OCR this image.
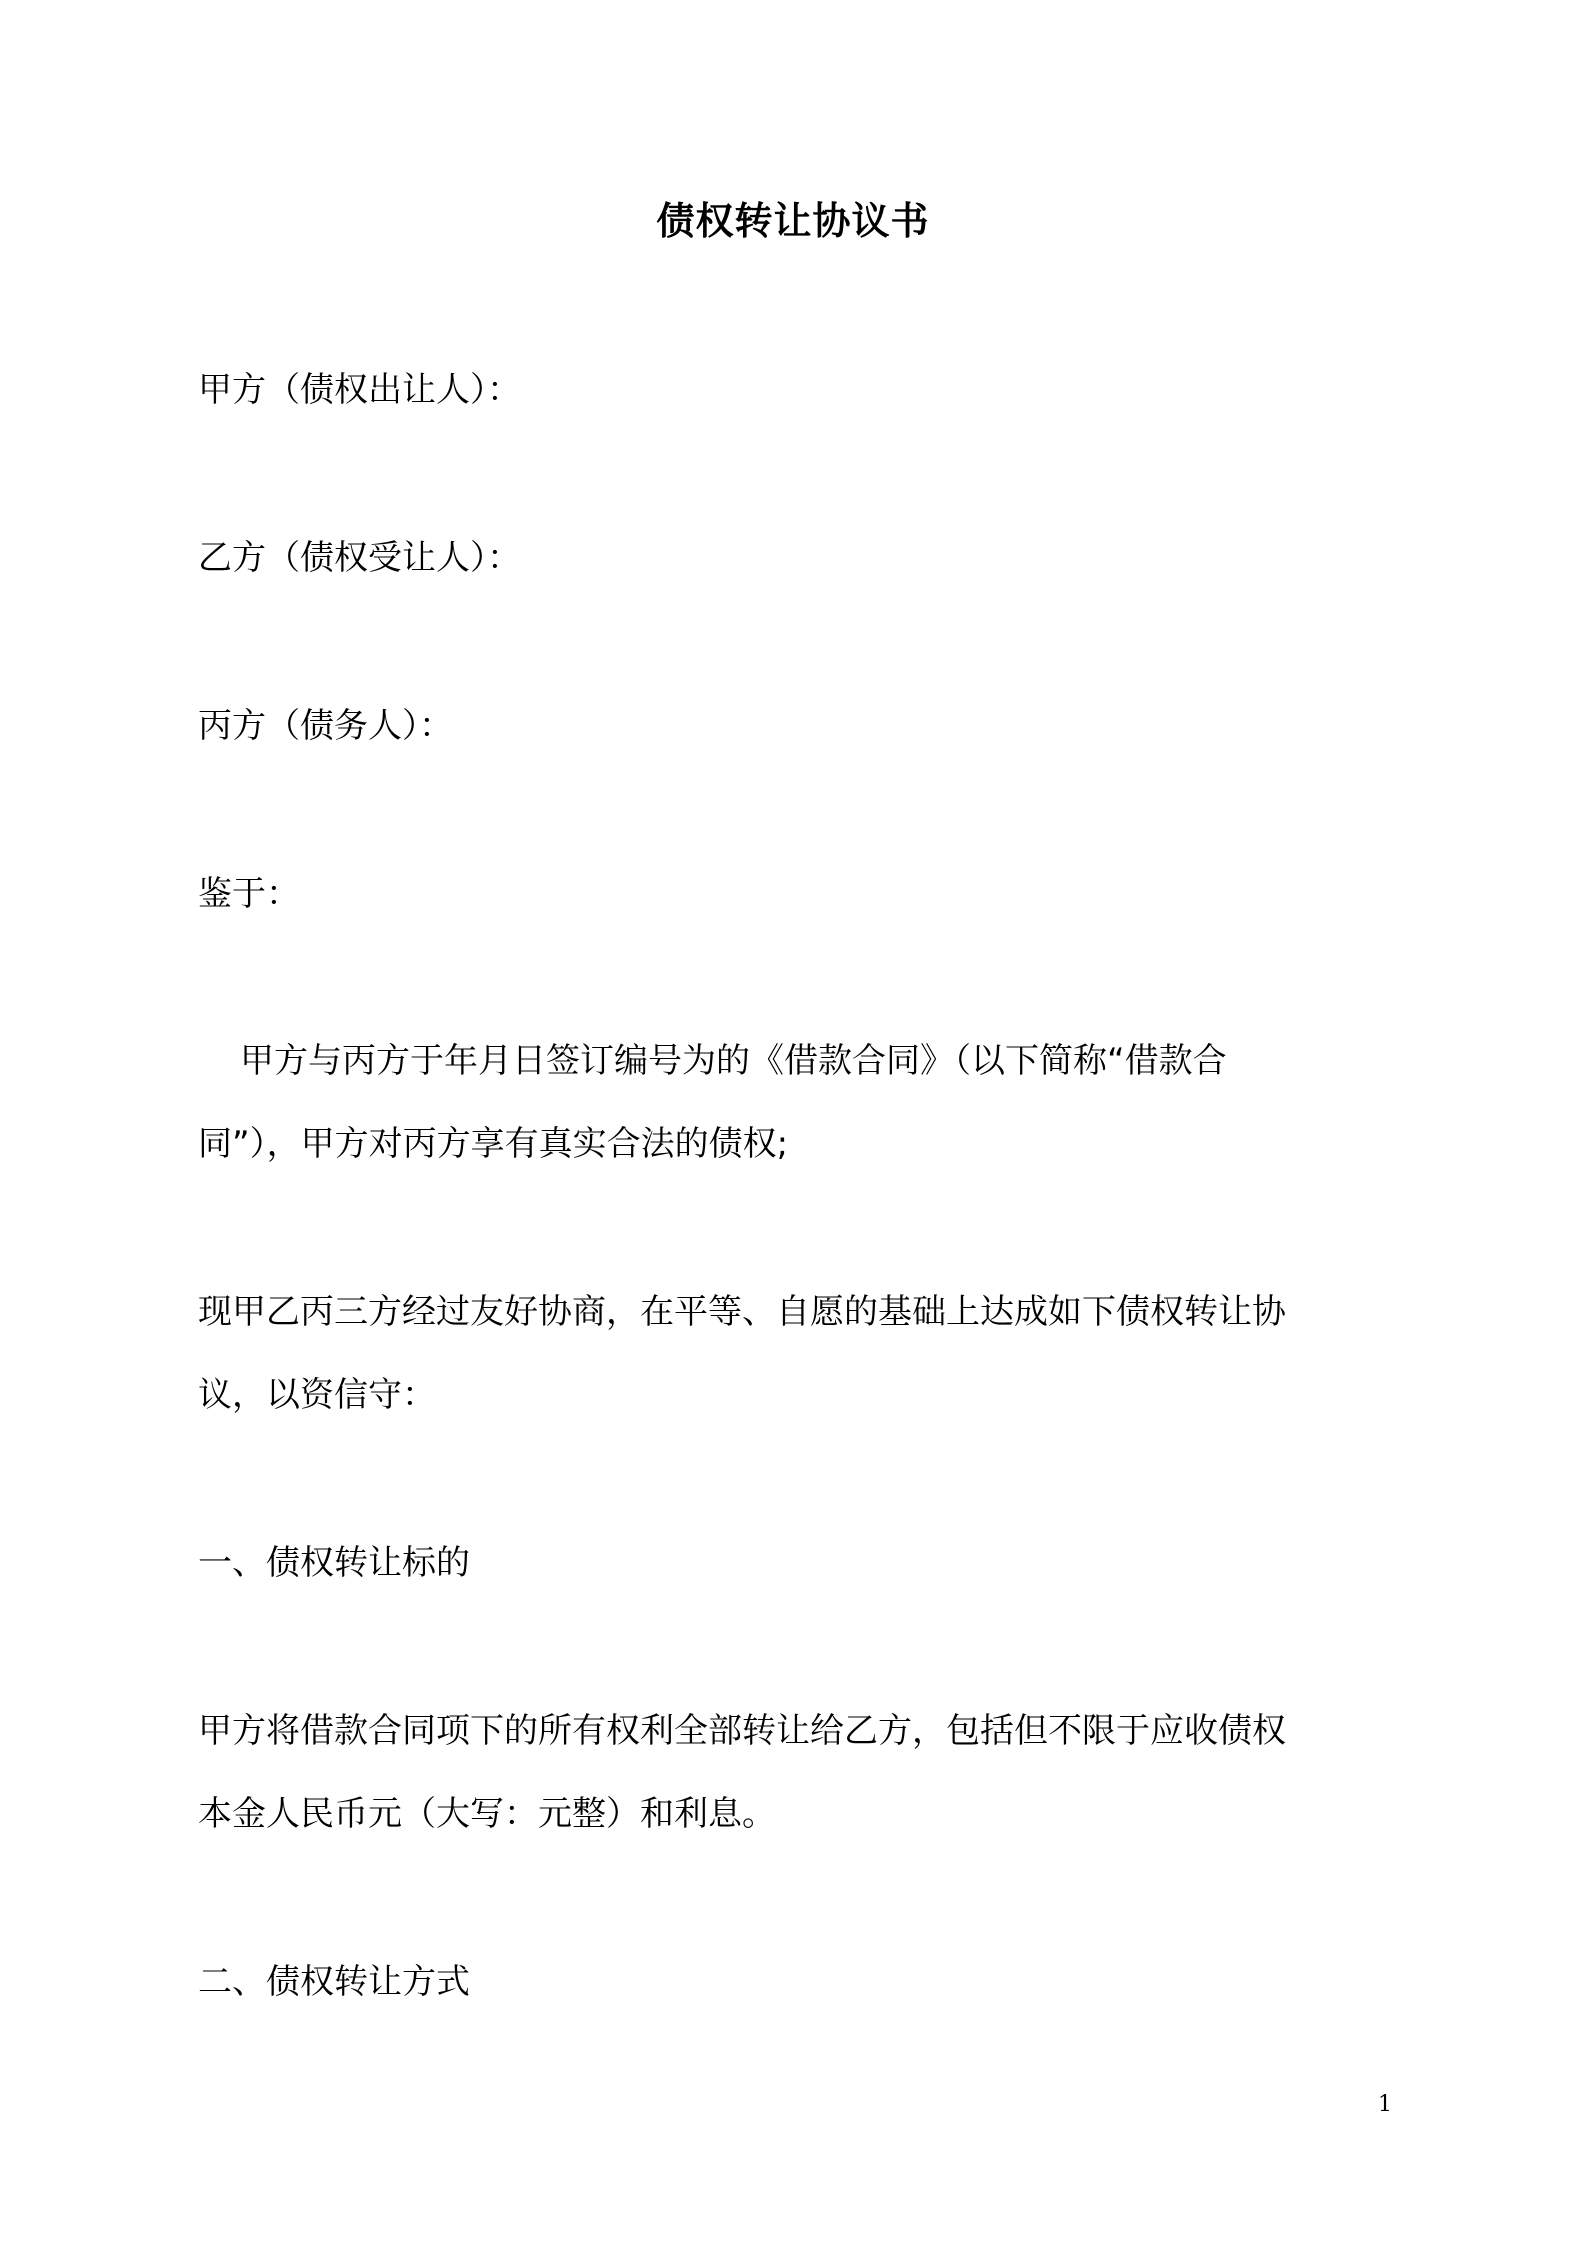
债权转让协议书
甲方（债权出让人）：
乙方（债权受让人）：
丙方（债务人）：
鉴于：
甲方与丙方于年月日签订编号为的《借款合同》（以下简称“借款合
同”），甲方对丙方享有真实合法的债权;
现甲乙丙三方经过友好协商，在平等、自愿的基础上达成如下债权转让协
议，以资信守：
一、债权转让标的
甲方将借款合同项下的所有权利全部转让给乙方，包括但不限于应收债权
本金人民币元（大写：元整）和利息。
二、债权转让方式
1
